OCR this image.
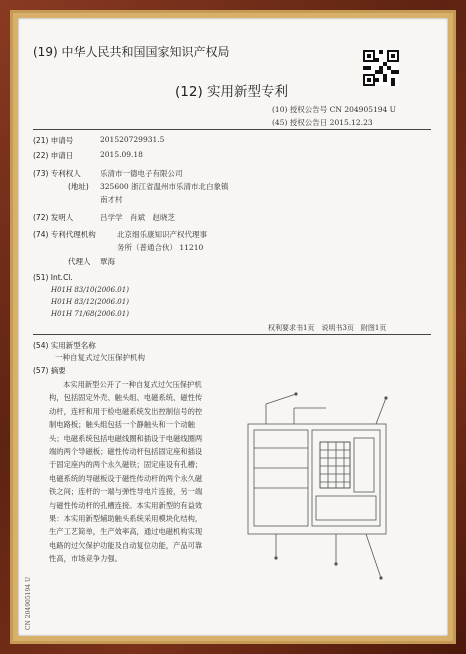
(19) 中华人民共和国国家知识产权局
(12) 实用新型专利
(10) 授权公告号 CN 204905194 U
(45) 授权公告日 2015.12.23
(21) 申请号	201520729931.5
(22) 申请日	2015.09.18
(73) 专利权人	乐清市一德电子有限公司
(地址) 325600 浙江省温州市乐清市北白象镇
南才村
(72) 发明人	吕学学　肖斌　赵晓芝
(74) 专利代理机构	北京细乐康知识产权代理事
务所（普通合伙） 11210
代理人 覃海
(51) Int.Cl.
H01H 83/10(2006.01)
H01H 83/12(2006.01)
H01H 71/68(2006.01)
权利要求书1页　说明书3页　附图1页
(54) 实用新型名称
一种自复式过欠压保护机构
(57) 摘要
本实用新型公开了一种自复式过欠压保护机构，包括固定外壳、触头组、电磁系统、磁性传动杆，连杆和用于检电磁系统发出控制信号的控制电路板；触头组包括一个静触头和一个动触头；电磁系统包括电磁线圈和插设于电磁线圈两端的两个导磁板；磁性传动杆包括固定座和插设于固定座内的两个永久磁铁；固定座设有孔槽；电磁系统的导磁板设于磁性传动杆的两个永久磁铁之间；连杆的一端与弹性导电片连接，另一端与磁性传动杆的孔槽连接。本实用新型的有益效果：本实用新型辅助触头系统采用模块化结构，生产工艺简单，生产效率高，通过电磁机构实现电路的过欠保护功能及自动复位功能，产品可靠性高，市场竞争力强。
CN 204905194 U
